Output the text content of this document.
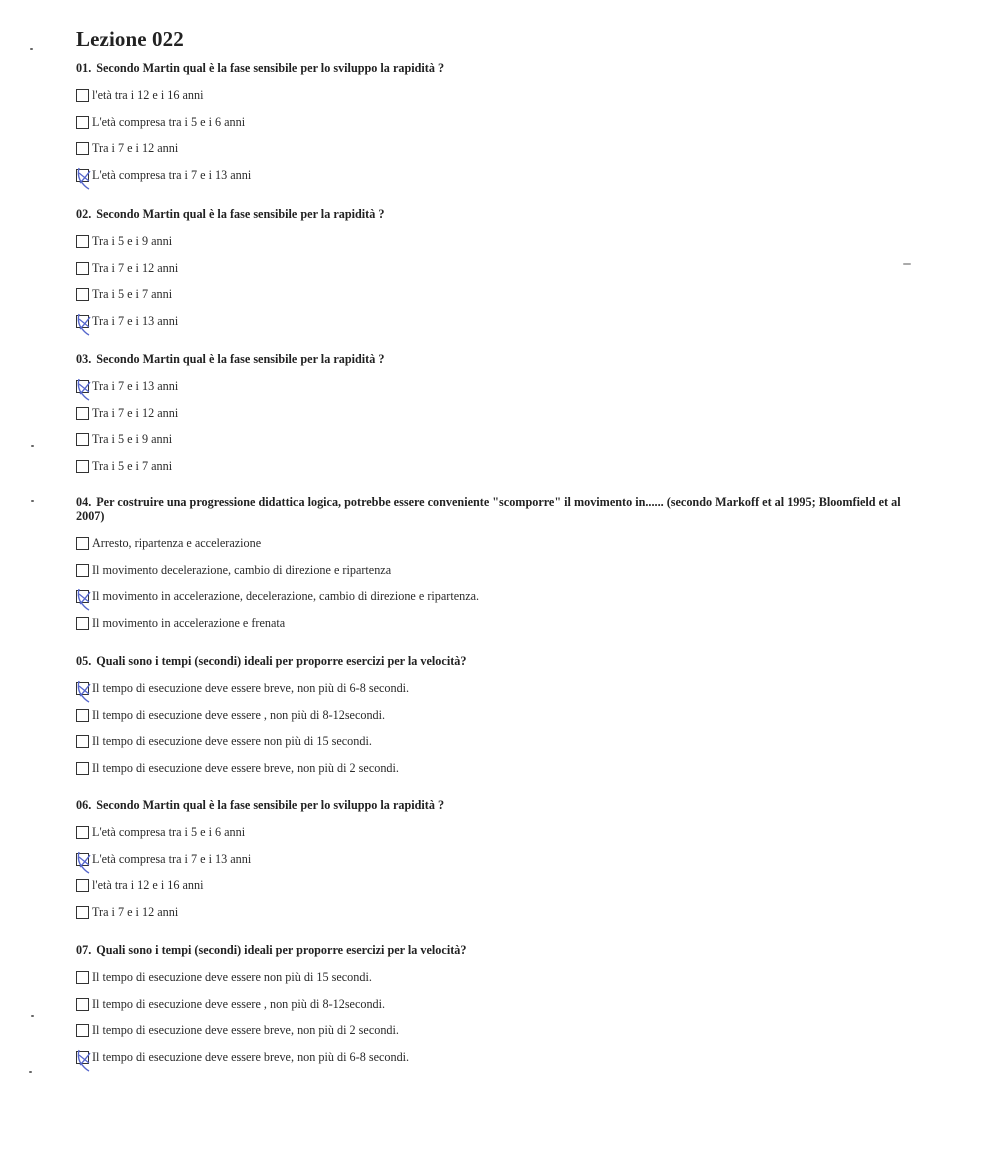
Lezione 022
01. Secondo Martin qual è la fase sensibile per lo sviluppo la rapidità ?
l'età tra i 12 e i 16 anni
L'età compresa tra i 5 e i 6 anni
Tra i 7 e i 12 anni
L'età compresa tra i 7 e i 13 anni
02. Secondo Martin qual è la fase sensibile per la rapidità ?
Tra i 5 e i 9 anni
Tra i 7 e i 12 anni
Tra i 5 e i 7 anni
Tra i 7 e i 13 anni
03. Secondo Martin qual è la fase sensibile per la rapidità ?
Tra i 7 e i 13 anni
Tra i 7 e i 12 anni
Tra i 5 e i 9 anni
Tra i 5 e i 7 anni
04. Per costruire una progressione didattica logica, potrebbe essere conveniente "scomporre" il movimento in...... (secondo Markoff et al 1995; Bloomfield et al 2007)
Arresto, ripartenza e accelerazione
Il movimento decelerazione, cambio di direzione e ripartenza
Il movimento in accelerazione, decelerazione, cambio di direzione e ripartenza.
Il movimento in accelerazione e frenata
05. Quali sono i tempi (secondi) ideali per proporre esercizi per la velocità?
Il tempo di esecuzione deve essere breve, non più di 6-8 secondi.
Il tempo di esecuzione deve essere , non più di 8-12secondi.
Il tempo di esecuzione deve essere non più di 15 secondi.
Il tempo di esecuzione deve essere breve, non più di 2 secondi.
06. Secondo Martin qual è la fase sensibile per lo sviluppo la rapidità ?
L'età compresa tra i 5 e i 6 anni
L'età compresa tra i 7 e i 13 anni
l'età tra i 12 e i 16 anni
Tra i 7 e i 12 anni
07. Quali sono i tempi (secondi) ideali per proporre esercizi per la velocità?
Il tempo di esecuzione deve essere non più di 15 secondi.
Il tempo di esecuzione deve essere , non più di 8-12secondi.
Il tempo di esecuzione deve essere breve, non più di 2 secondi.
Il tempo di esecuzione deve essere breve, non più di 6-8 secondi.
